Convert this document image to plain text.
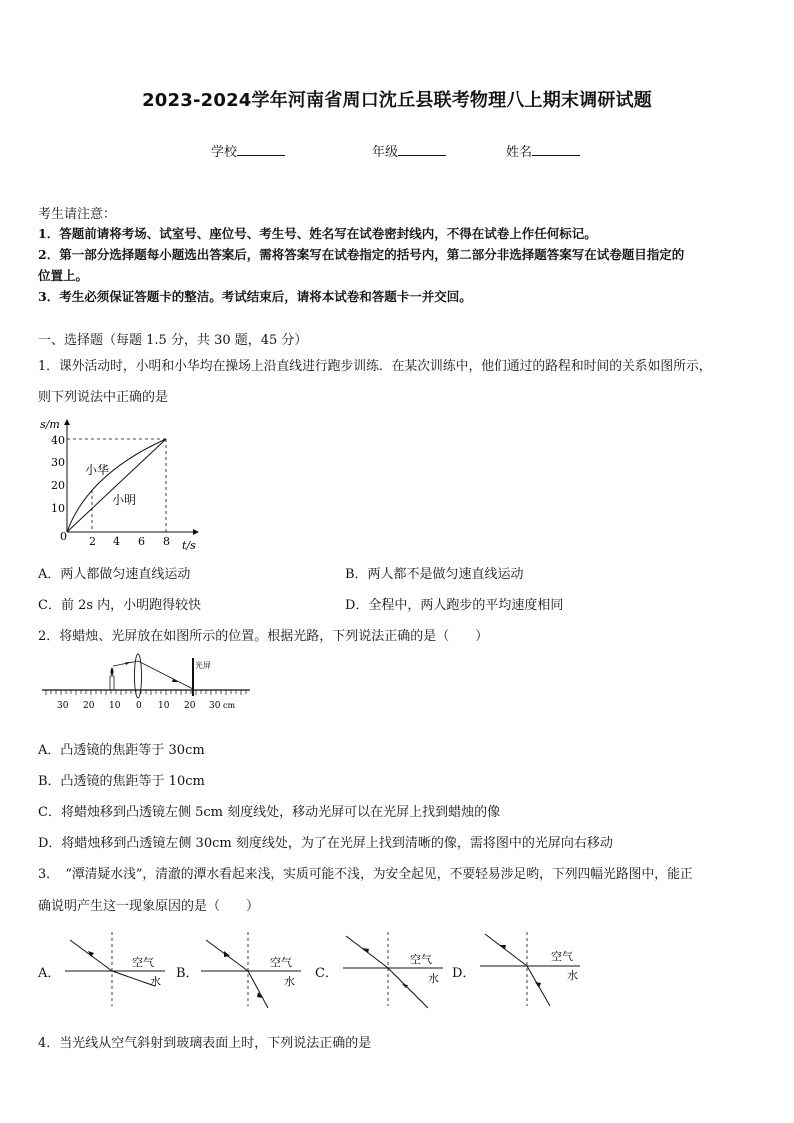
2023-2024学年河南省周口沈丘县联考物理八上期末调研试题
学校	年级	姓名
考生请注意：
1．答题前请将考场、试室号、座位号、考生号、姓名写在试卷密封线内，不得在试卷上作任何标记。
2．第一部分选择题每小题选出答案后，需将答案写在试卷指定的括号内，第二部分非选择题答案写在试卷题目指定的
位置上。
3．考生必须保证答题卡的整洁。考试结束后，请将本试卷和答题卡一并交回。
一、选择题（每题 1.5 分，共 30 题，45 分）
1．课外活动时，小明和小华均在操场上沿直线进行跑步训练．在某次训练中，他们通过的路程和时间的关系如图所示，
则下列说法中正确的是
s/m
t/s
40
30
20
10
0 2 4 6 8
小华
小明
A．两人都做匀速直线运动	B．两人都不是做匀速直线运动
C．前 2s 内，小明跑得较快	D．全程中，两人跑步的平均速度相同
2．将蜡烛、光屏放在如图所示的位置。根据光路，下列说法正确的是（　　）
30 20 10 0 10 20 30 cm
光屏
A．凸透镜的焦距等于 30cm
B．凸透镜的焦距等于 10cm
C．将蜡烛移到凸透镜左侧 5cm 刻度线处，移动光屏可以在光屏上找到蜡烛的像
D．将蜡烛移到凸透镜左侧 30cm 刻度线处，为了在光屏上找到清晰的像，需将图中的光屏向右移动
3．　“潭清疑水浅”，清澈的潭水看起来浅，实质可能不浅，为安全起见，不要轻易涉足哟，下列四幅光路图中，能正
确说明产生这一现象原因的是（　　）
A．
空气
水
B．
空气
水
C．
空气
水 D．
空气
水
4．当光线从空气斜射到玻璃表面上时，下列说法正确的是
